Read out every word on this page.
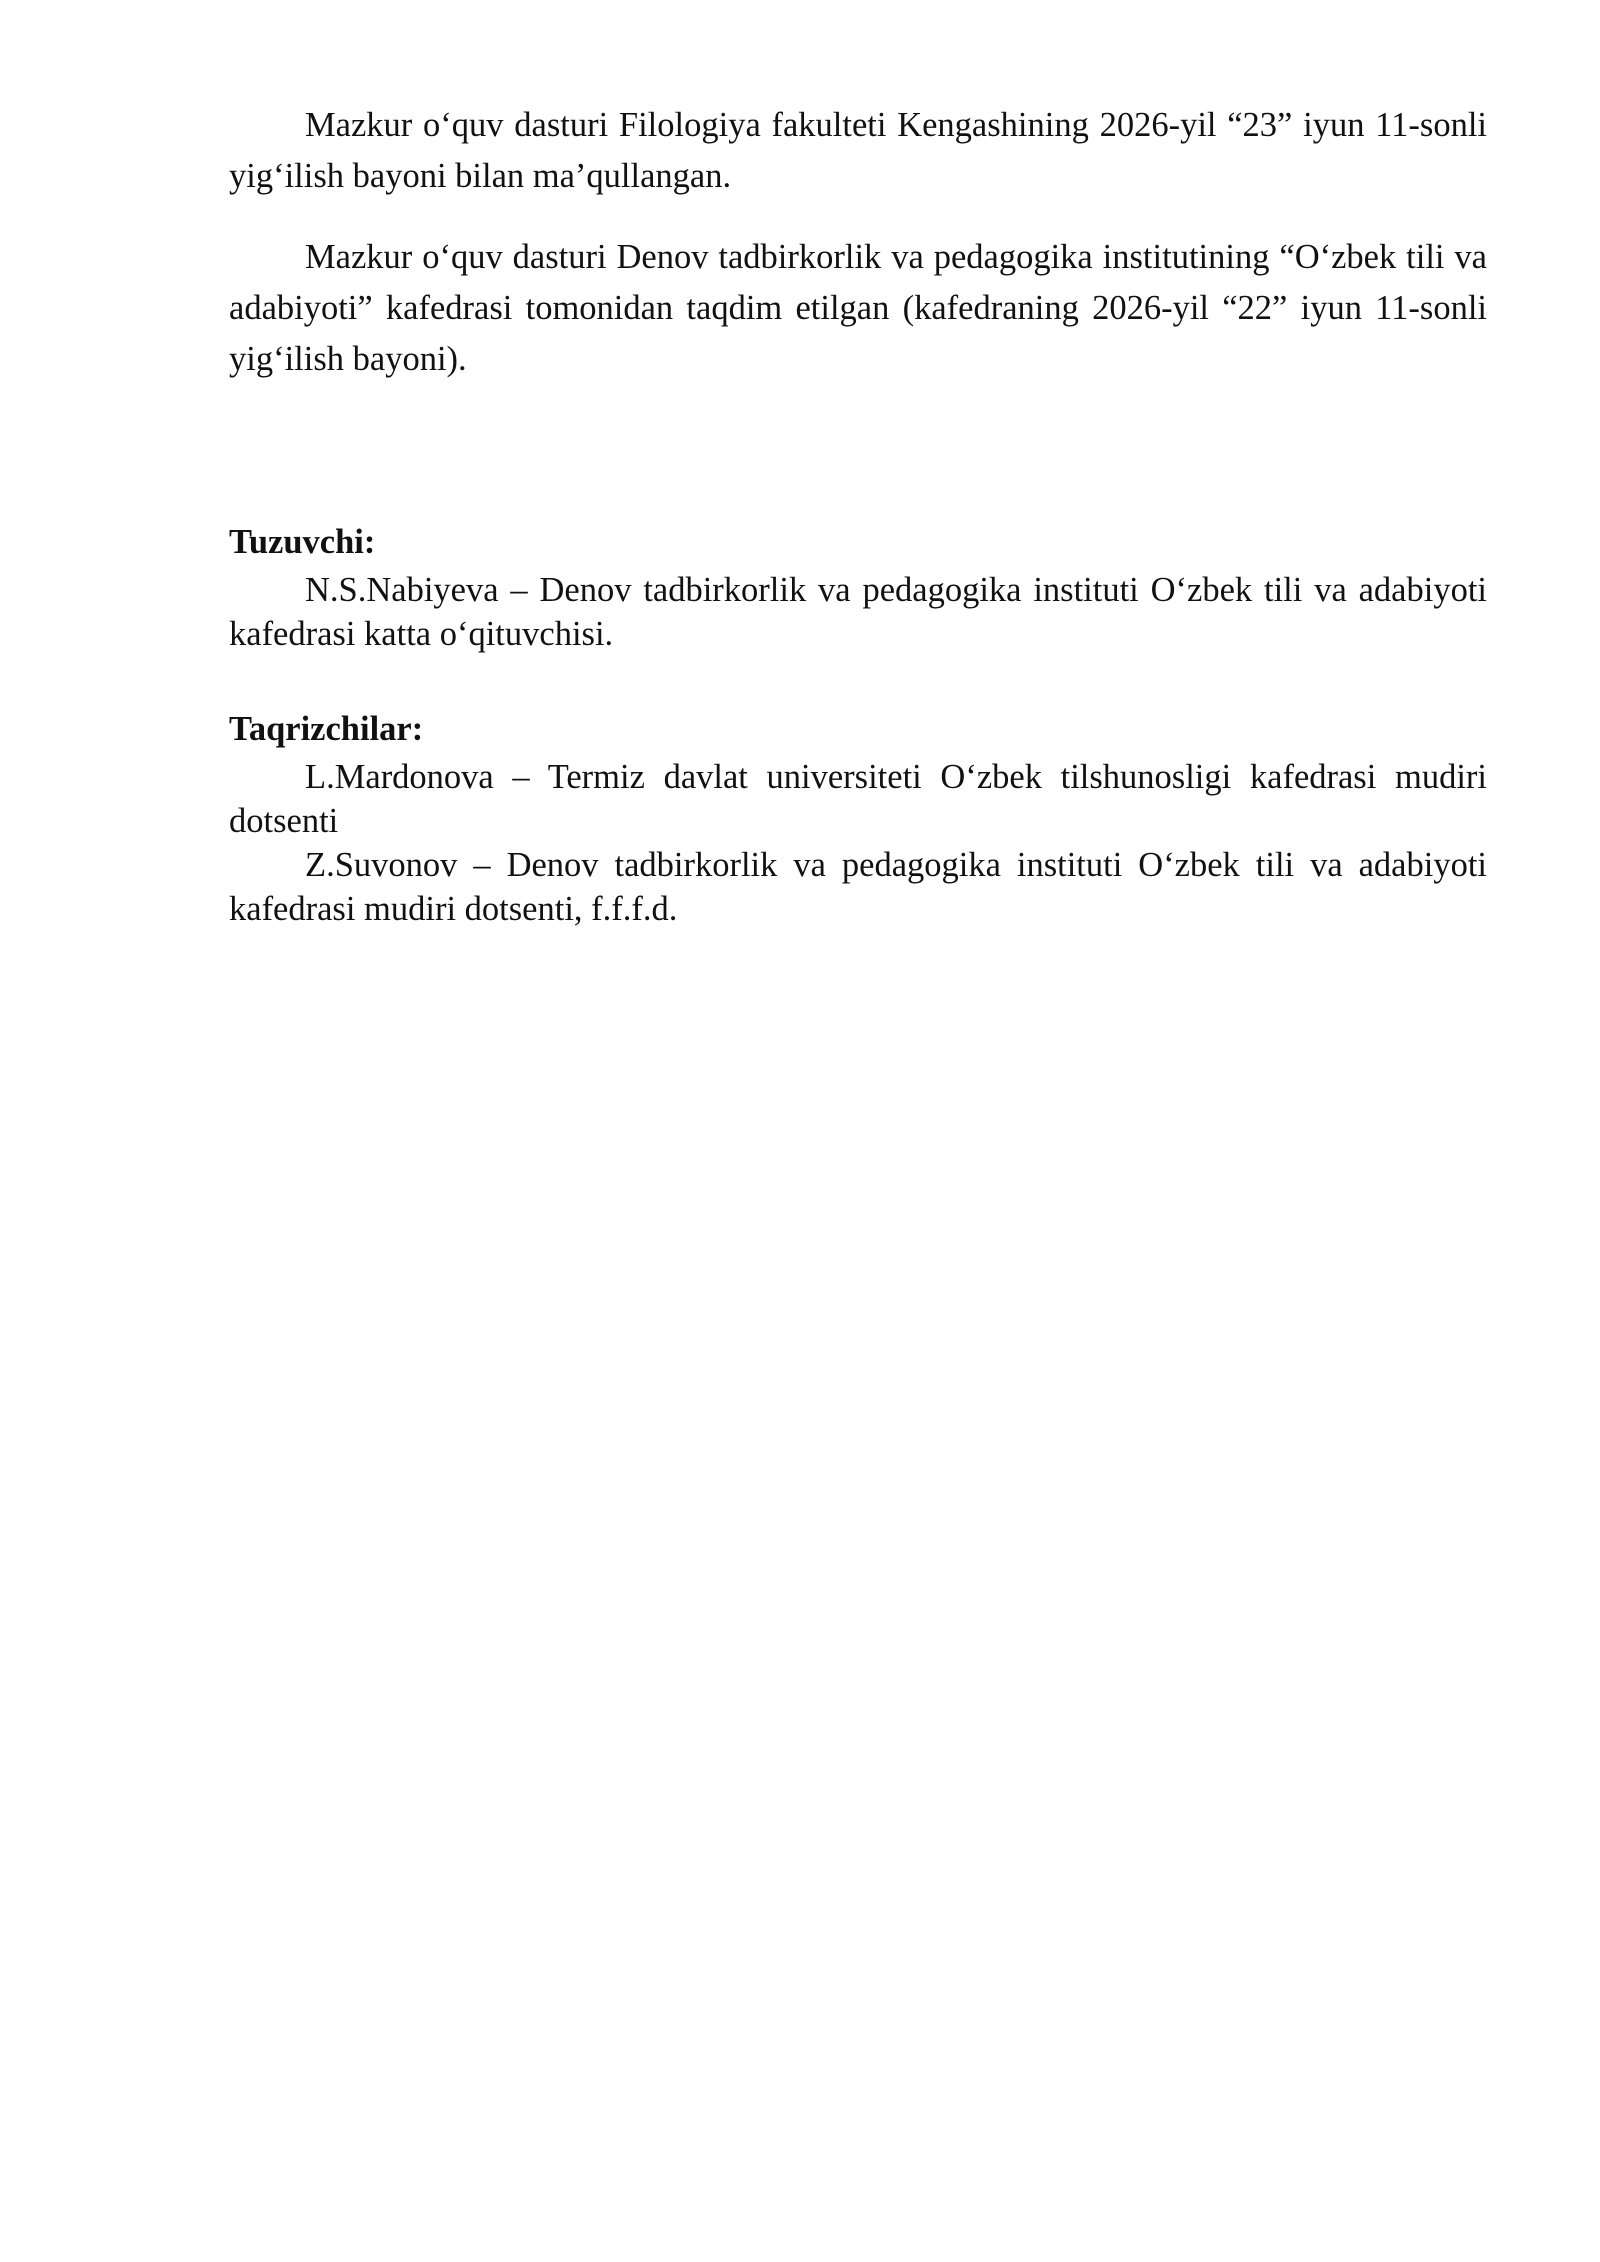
Mazkur o‘quv dasturi Filologiya fakulteti Kengashining 2026-yil “23” iyun 11-sonli yig‘ilish bayoni bilan ma’qullangan.

Mazkur o‘quv dasturi Denov tadbirkorlik va pedagogika institutining “O‘zbek tili va adabiyoti” kafedrasi tomonidan taqdim etilgan (kafedraning 2026-yil “22” iyun 11-sonli yig‘ilish bayoni).

Tuzuvchi:

N.S.Nabiyeva – Denov tadbirkorlik va pedagogika instituti O‘zbek tili va adabiyoti kafedrasi katta o‘qituvchisi.

Taqrizchilar:

L.Mardonova – Termiz davlat universiteti O‘zbek tilshunosligi kafedrasi mudiri dotsenti

Z.Suvonov – Denov tadbirkorlik va pedagogika instituti O‘zbek tili va adabiyoti kafedrasi mudiri dotsenti, f.f.f.d.
